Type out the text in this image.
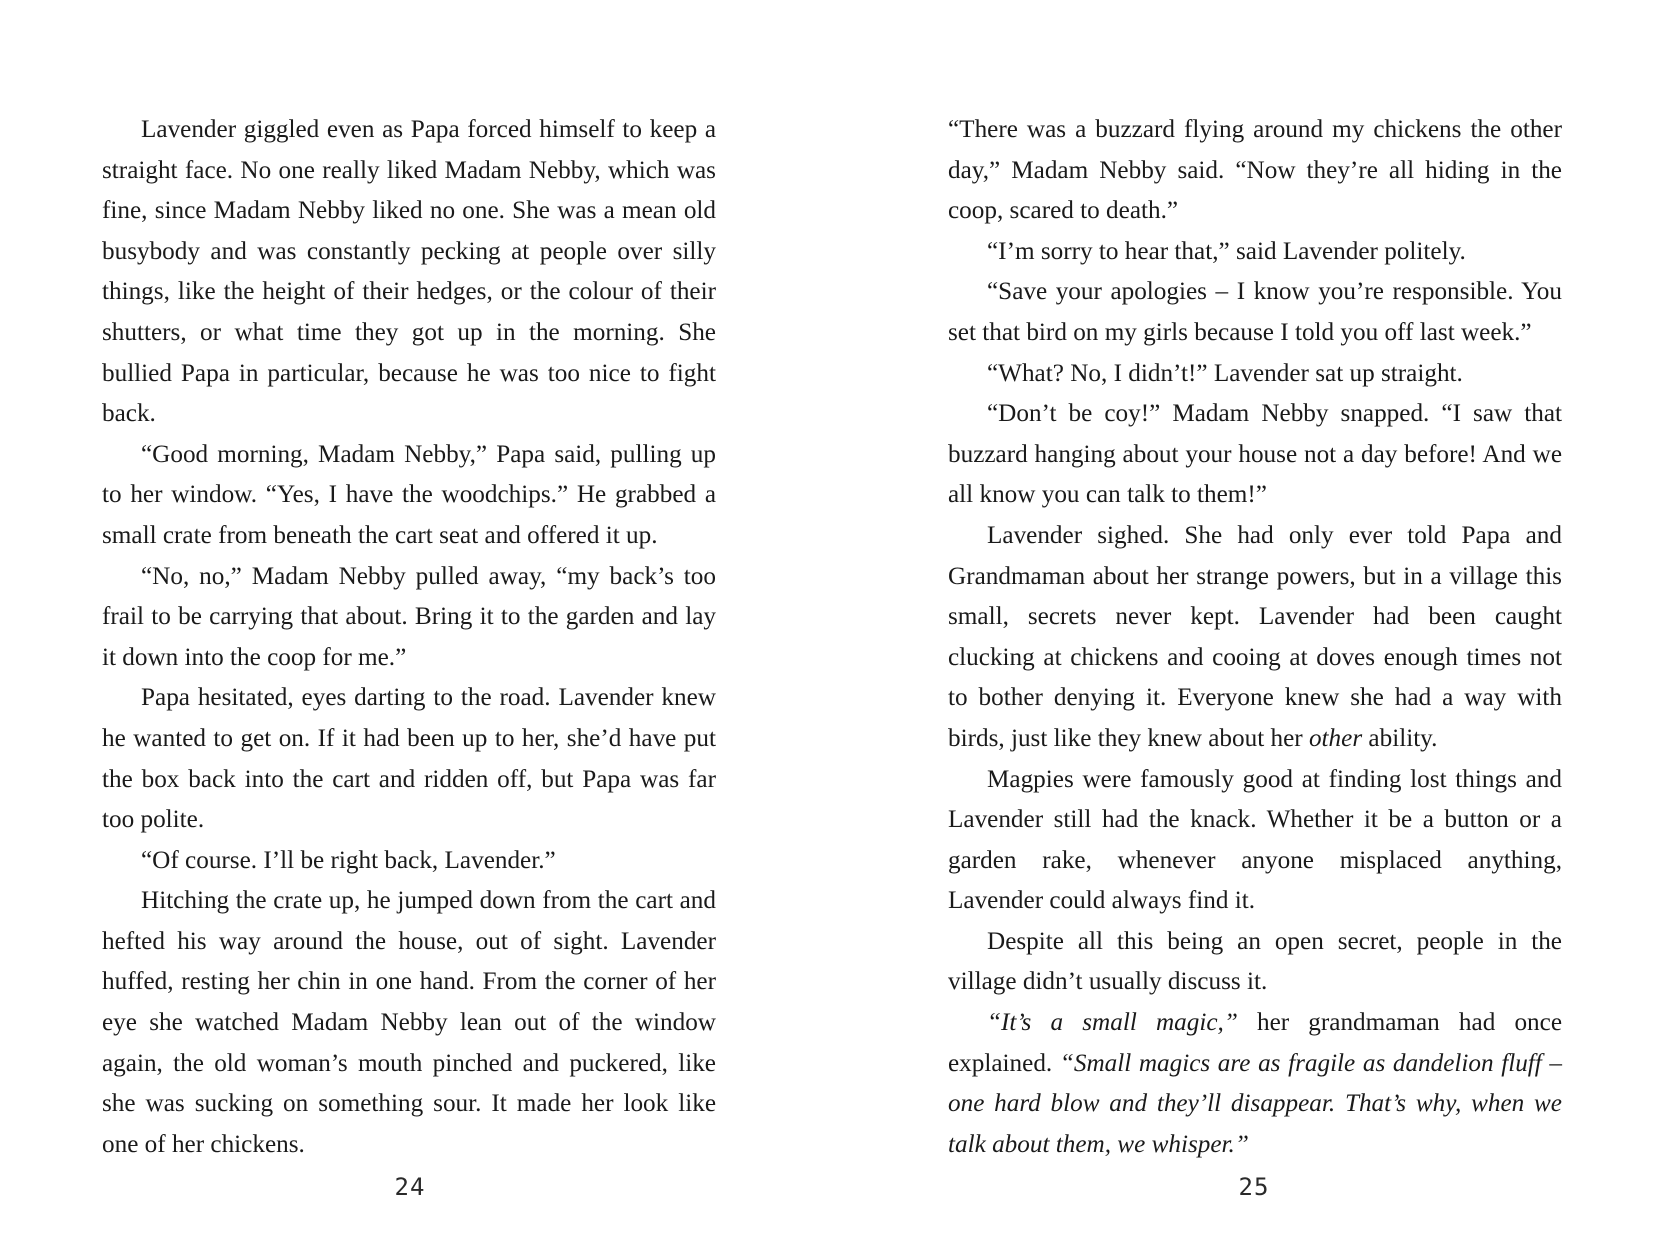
Lavender giggled even as Papa forced himself to keep a straight face. No one really liked Madam Nebby, which was fine, since Madam Nebby liked no one. She was a mean old busybody and was constantly pecking at people over silly things, like the height of their hedges, or the colour of their shutters, or what time they got up in the morning. She bullied Papa in particular, because he was too nice to fight back.

“Good morning, Madam Nebby,” Papa said, pulling up to her window. “Yes, I have the woodchips.” He grabbed a small crate from beneath the cart seat and offered it up.

“No, no,” Madam Nebby pulled away, “my back’s too frail to be carrying that about. Bring it to the garden and lay it down into the coop for me.”

Papa hesitated, eyes darting to the road. Lavender knew he wanted to get on. If it had been up to her, she’d have put the box back into the cart and ridden off, but Papa was far too polite.

“Of course. I’ll be right back, Lavender.”

Hitching the crate up, he jumped down from the cart and hefted his way around the house, out of sight. Lavender huffed, resting her chin in one hand. From the corner of her eye she watched Madam Nebby lean out of the window again, the old woman’s mouth pinched and puckered, like she was sucking on something sour. It made her look like one of her chickens.

“There was a buzzard flying around my chickens the other day,” Madam Nebby said. “Now they’re all hiding in the coop, scared to death.”

“I’m sorry to hear that,” said Lavender politely.

“Save your apologies – I know you’re responsible. You set that bird on my girls because I told you off last week.”

“What? No, I didn’t!” Lavender sat up straight.

“Don’t be coy!” Madam Nebby snapped. “I saw that buzzard hanging about your house not a day before! And we all know you can talk to them!”

Lavender sighed. She had only ever told Papa and Grandmaman about her strange powers, but in a village this small, secrets never kept. Lavender had been caught clucking at chickens and cooing at doves enough times not to bother denying it. Everyone knew she had a way with birds, just like they knew about her other ability.

Magpies were famously good at finding lost things and Lavender still had the knack. Whether it be a button or a garden rake, whenever anyone misplaced anything, Lavender could always find it.

Despite all this being an open secret, people in the village didn’t usually discuss it.

“It’s a small magic,” her grandmaman had once explained. “Small magics are as fragile as dandelion fluff – one hard blow and they’ll disappear. That’s why, when we talk about them, we whisper.”

24	25
